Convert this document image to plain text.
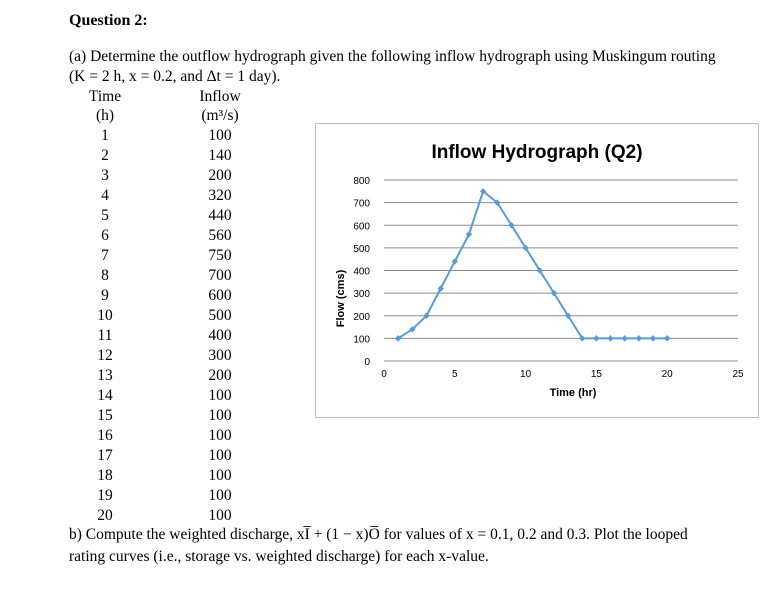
Question 2:
(a) Determine the outflow hydrograph given the following inflow hydrograph using Muskingum routing
(K = 2 h, x = 0.2, and Δt = 1 day).
Time
(h)
Inflow
(m³/s)
1	100
2	140
3	200
4	320
5	440
6	560
7	750
8	700
9	600
10	500
11	400
12	300
13	200
14	100
15	100
16	100
17	100
18	100
19	100
20	100
Inflow Hydrograph (Q2)
0
100
200
300
400
500
600
700
800
0	5	10	15	20	25
Time (hr)
Flow (cms)
b) Compute the weighted discharge, xI̅ + (1 − x)O̅ for values of x = 0.1, 0.2 and 0.3. Plot the looped
rating curves (i.e., storage vs. weighted discharge) for each x-value.
